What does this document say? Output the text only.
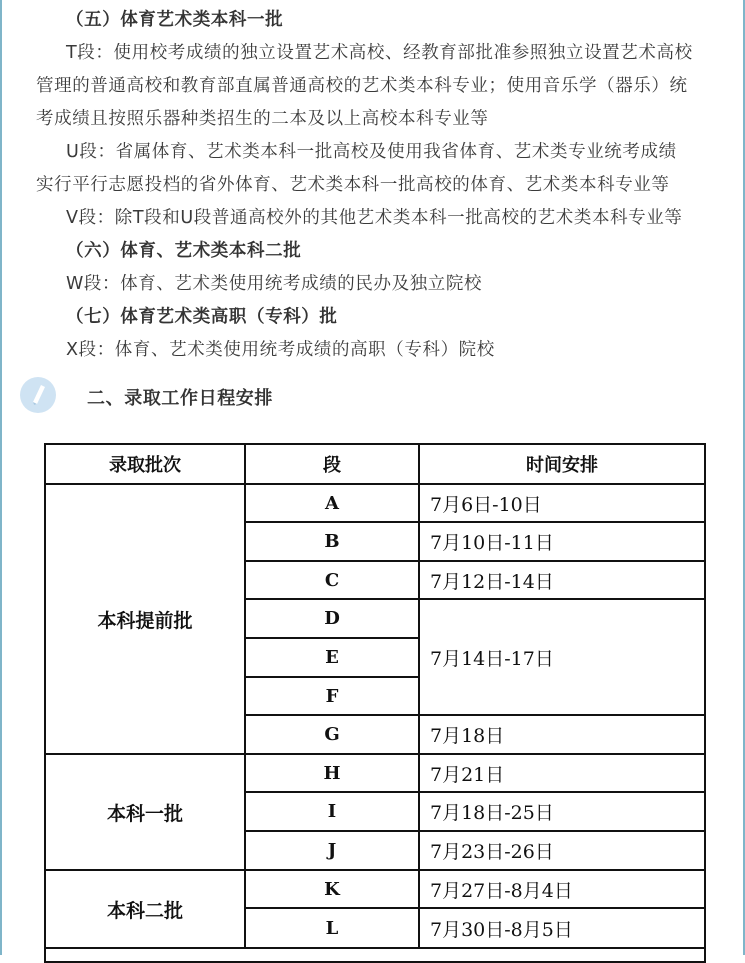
（五）体育艺术类本科一批
T段：使用校考成绩的独立设置艺术高校、经教育部批准参照独立设置艺术高校
管理的普通高校和教育部直属普通高校的艺术类本科专业；使用音乐学（器乐）统
考成绩且按照乐器种类招生的二本及以上高校本科专业等
U段：省属体育、艺术类本科一批高校及使用我省体育、艺术类专业统考成绩
实行平行志愿投档的省外体育、艺术类本科一批高校的体育、艺术类本科专业等
V段：除T段和U段普通高校外的其他艺术类本科一批高校的艺术类本科专业等
（六）体育、艺术类本科二批
W段：体育、艺术类使用统考成绩的民办及独立院校
（七）体育艺术类高职（专科）批
X段：体育、艺术类使用统考成绩的高职（专科）院校
二、录取工作日程安排
录取批次	段	时间安排
本科提前批
本科一批
本科二批
A
B
C
D
E
F
G
H
I
J
K
L
7月6日-10日
7月10日-11日
7月12日-14日
7月14日-17日
7月18日
7月21日
7月18日-25日
7月23日-26日
7月27日-8月4日
7月30日-8月5日
